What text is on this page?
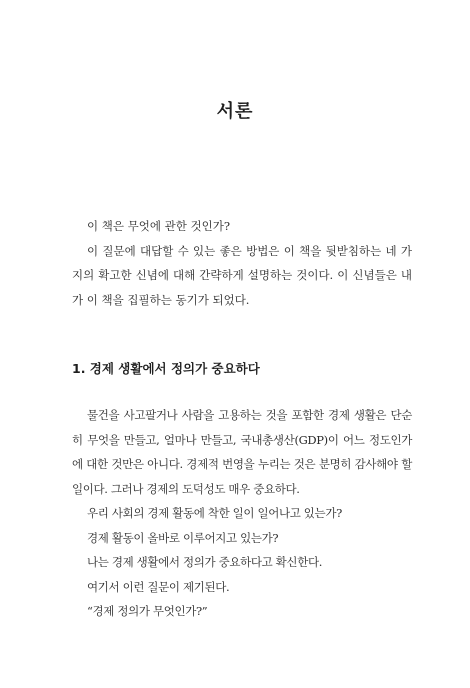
서론

이 책은 무엇에 관한 것인가?

이 질문에 대답할 수 있는 좋은 방법은 이 책을 뒷받침하는 네 가지의 확고한 신념에 대해 간략하게 설명하는 것이다. 이 신념들은 내가 이 책을 집필하는 동기가 되었다.

1. 경제 생활에서 정의가 중요하다

물건을 사고팔거나 사람을 고용하는 것을 포함한 경제 생활은 단순히 무엇을 만들고, 얼마나 만들고, 국내총생산(GDP)이 어느 정도인가에 대한 것만은 아니다. 경제적 번영을 누리는 것은 분명히 감사해야 할 일이다. 그러나 경제의 도덕성도 매우 중요하다.

우리 사회의 경제 활동에 착한 일이 일어나고 있는가?

경제 활동이 올바로 이루어지고 있는가?

나는 경제 생활에서 정의가 중요하다고 확신한다.

여기서 이런 질문이 제기된다.

“경제 정의가 무엇인가?”
